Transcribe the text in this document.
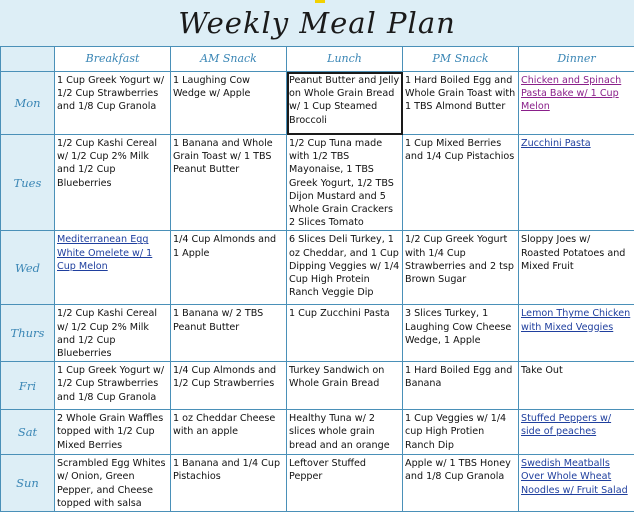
Weekly Meal Plan
	Breakfast	AM Snack	Lunch	PM Snack	Dinner
Mon	1 Cup Greek Yogurt w/ 1/2 Cup Strawberries and 1/8 Cup Granola	1 Laughing Cow Wedge w/ Apple	Peanut Butter and Jelly on Whole Grain Bread w/ 1 Cup Steamed Broccoli	1 Hard Boiled Egg and Whole Grain Toast with 1 TBS Almond Butter	Chicken and Spinach Pasta Bake w/ 1 Cup Melon
Tues	1/2 Cup Kashi Cereal w/ 1/2 Cup 2% Milk and 1/2 Cup Blueberries	1 Banana and Whole Grain Toast w/ 1 TBS Peanut Butter	1/2 Cup Tuna made with 1/2 TBS Mayonaise, 1 TBS Greek Yogurt, 1/2 TBS Dijon Mustard and 5 Whole Grain Crackers 2 Slices Tomato	1 Cup Mixed Berries and 1/4 Cup Pistachios	Zucchini Pasta
Wed	Mediterranean Egg White Omelete w/ 1 Cup Melon	1/4 Cup Almonds and 1 Apple	6 Slices Deli Turkey, 1 oz Cheddar, and 1 Cup Dipping Veggies w/ 1/4 Cup High Protein Ranch Veggie Dip	1/2 Cup Greek Yogurt with 1/4 Cup Strawberries and 2 tsp Brown Sugar	Sloppy Joes w/ Roasted Potatoes and Mixed Fruit
Thurs	1/2 Cup Kashi Cereal w/ 1/2 Cup 2% Milk and 1/2 Cup Blueberries	1 Banana w/ 2 TBS Peanut Butter	1 Cup Zucchini Pasta	3 Slices Turkey, 1 Laughing Cow Cheese Wedge, 1 Apple	Lemon Thyme Chicken with Mixed Veggies
Fri	1 Cup Greek Yogurt w/ 1/2 Cup Strawberries and 1/8 Cup Granola	1/4 Cup Almonds and 1/2 Cup Strawberries	Turkey Sandwich on Whole Grain Bread	1 Hard Boiled Egg and Banana	Take Out
Sat	2 Whole Grain Waffles topped with 1/2 Cup Mixed Berries	1 oz Cheddar Cheese with an apple	Healthy Tuna w/ 2 slices whole grain bread and an orange	1 Cup Veggies w/ 1/4 cup High Protien Ranch Dip	Stuffed Peppers w/ side of peaches
Sun	Scrambled Egg Whites w/ Onion, Green Pepper, and Cheese topped with salsa	1 Banana and 1/4 Cup Pistachios	Leftover Stuffed Pepper	Apple w/ 1 TBS Honey and 1/8 Cup Granola	Swedish Meatballs Over Whole Wheat Noodles w/ Fruit Salad
